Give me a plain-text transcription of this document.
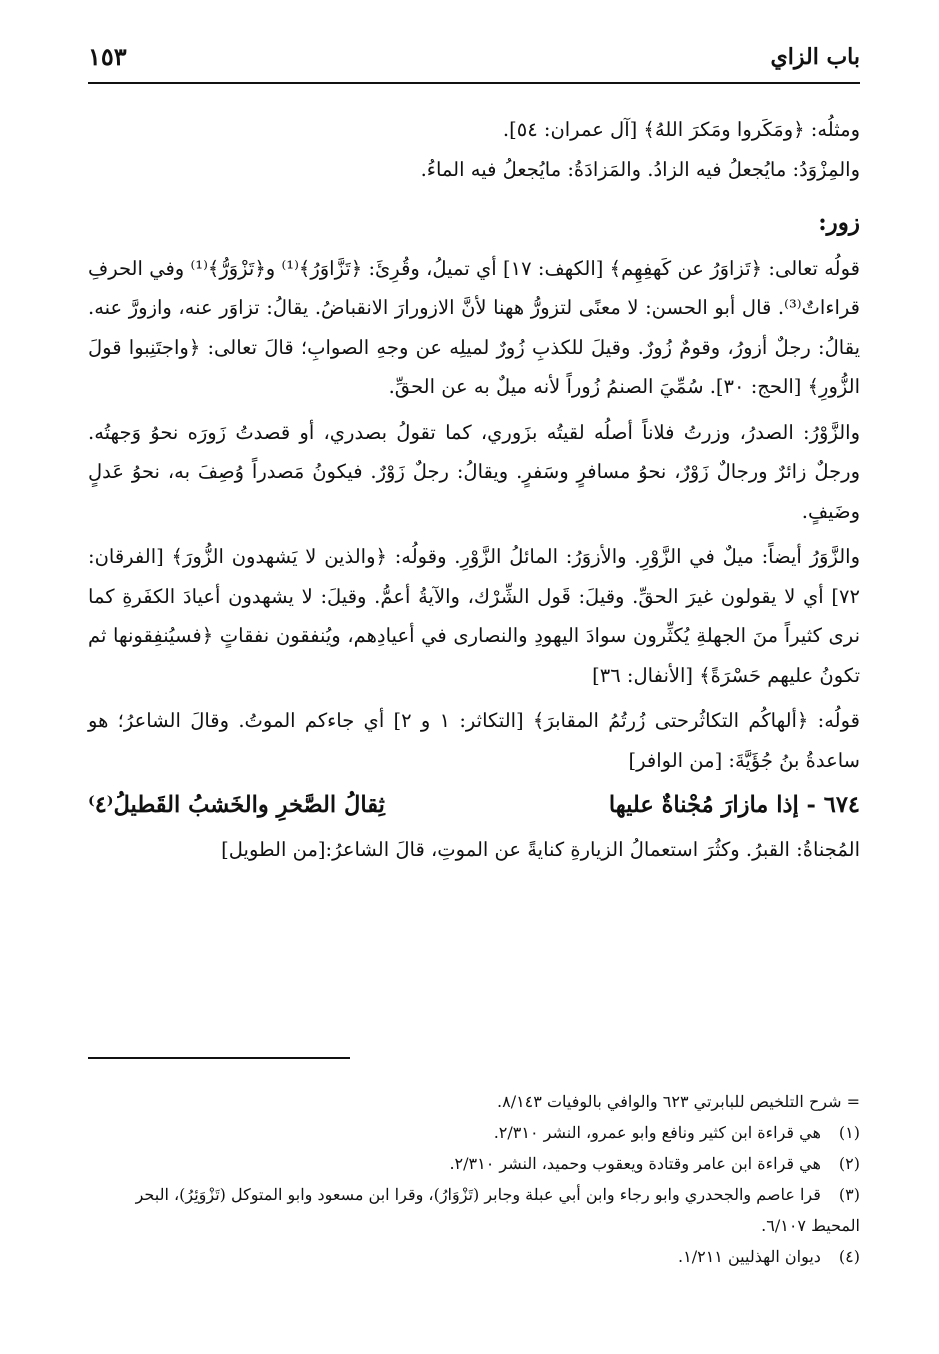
باب الزاي
١٥٣

ومثلُه: ﴿ومَكَروا ومَكرَ اللهُ﴾ [آل عمران: ٥٤].

والمِزْوَدُ: مايُجعلُ فيه الزادُ. والمَزادَةُ: مايُجعلُ فيه الماءُ.

زور:

قولُه تعالى: ﴿تَزاوَرُ عن كَهفِهِم﴾ [الكهف: ١٧] أي تميلُ، وقُرِئَ: ﴿تَزَّاوَرُ﴾⁽¹⁾ و﴿تَزْوَرُّ﴾⁽¹⁾ وفي الحرفِ قراءاتٌ⁽³⁾. قال أبو الحسن: لا معنًى لتزورُّ ههنا لأنَّ الازورارَ الانقباضُ. يقالُ: تزاوَر عنه، وازورَّ عنه. يقالُ: رجلٌ أزورُ، وقومٌ زُورٌ. وقيلَ للكذبِ زُورٌ لميلِه عن وجهِ الصوابِ؛ قالَ تعالى: ﴿واجتَنِبوا قولَ الزُّورِ﴾ [الحج: ٣٠]. سُمِّيَ الصنمُ زُوراً لأنه ميلٌ به عن الحقِّ.

والزَّوْرُ: الصدرُ، وزرتُ فلاناً أصلُه لقيتُه بزَوري، كما تقولُ بصدري، أو قصدتُ زَورَه نحوُ وَجهتُه. ورجلٌ زائرٌ ورجالٌ زَوْرٌ، نحوُ مسافرٍ وسَفرٍ. ويقالُ: رجلٌ زَوْرٌ. فيكونُ مَصدراً وُصِفَ به، نحوُ عَدلٍ وضَيفٍ.

والزَّوَرُ أيضاً: ميلٌ في الزَّوْرِ. والأزوَرُ: المائلُ الزَّوْرِ. وقولُه: ﴿والذين لا يَشهدون الزُّورَ﴾ [الفرقان: ٧٢] أي لا يقولون غيرَ الحقِّ. وقيلَ: قَول الشِّرْك، والآيةُ أعمُّ. وقيلَ: لا يشهدون أعيادَ الكفَرةِ كما نرى كثيراً منَ الجهلةِ يُكثِّرون سوادَ اليهودِ والنصارى في أعيادِهم، ويُنفقون نفقاتٍ ﴿فسيُنفِقونها ثم تكونُ عليهم حَسْرَةً﴾ [الأنفال: ٣٦]

قولُه: ﴿ألهاكُم التكاثُرحتى زُرتُمُ المقابرَ﴾ [التكاثر: ١ و ٢] أي جاءكم الموتُ. وقالَ الشاعرُ؛ هو ساعدةُ بنُ جُؤَيَّةَ: [من الوافر]

٦٧٤ - إذا مازارَ مُجْناةٌ عليها
ثِقالُ الصَّخرِ والخَشبُ القَطيلُ⁽٤⁾

المُجناةُ: القبرُ. وكثُرَ استعمالُ الزيارةِ كنايةً عن الموتِ، قالَ الشاعرُ:[من الطويل]

= شرح التلخيص للبابرتي ٦٢٣ والوافي بالوفيات ٨/١٤٣.

(١) هي قراءة ابن كثير ونافع وابو عمرو، النشر ٢/٣١٠.

(٢) هي قراءة ابن عامر وقتادة ويعقوب وحميد، النشر ٢/٣١٠.

(٣) قرا عاصم والجحدري وابو رجاء وابن أبي عبلة وجابر (تَزْوَارُ)، وقرا ابن مسعود وابو المتوكل (تَزْوَئِرُ)، البحر المحيط ٦/١٠٧.

(٤) ديوان الهذليين ١/٢١١.
